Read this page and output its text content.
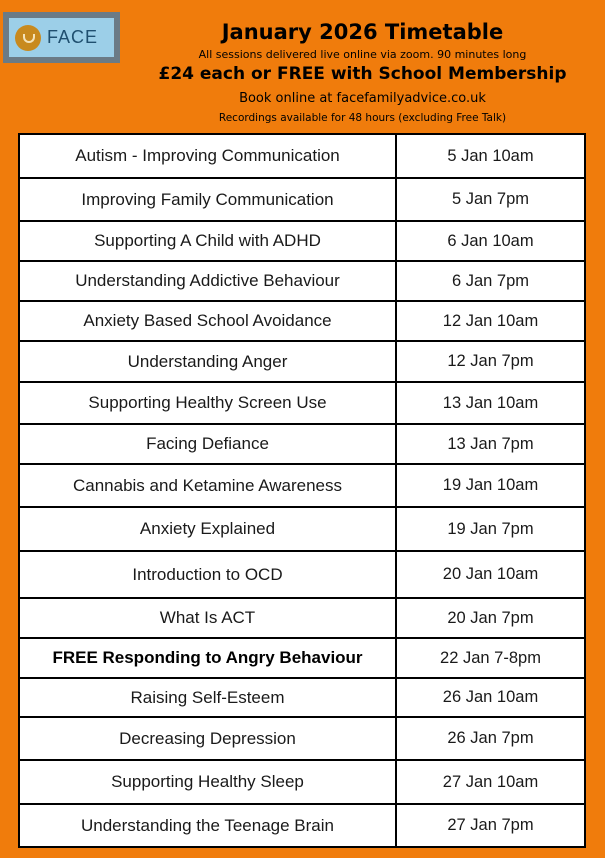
FACE	January 2026 Timetable
All sessions delivered live online via zoom. 90 minutes long
£24 each or FREE with School Membership
Book online at facefamilyadvice.co.uk
Recordings available for 48 hours (excluding Free Talk)
Autism - Improving Communication	5 Jan 10am
Improving Family Communication	5 Jan 7pm
Supporting A Child with ADHD	6 Jan 10am
Understanding Addictive Behaviour	6 Jan 7pm
Anxiety Based School Avoidance	12 Jan 10am
Understanding Anger	12 Jan 7pm
Supporting Healthy Screen Use	13 Jan 10am
Facing Defiance	13 Jan 7pm
Cannabis and Ketamine Awareness	19 Jan 10am
Anxiety Explained	19 Jan 7pm
Introduction to OCD	20 Jan 10am
What Is ACT	20 Jan 7pm
FREE Responding to Angry Behaviour	22 Jan 7-8pm
Raising Self-Esteem	26 Jan 10am
Decreasing Depression	26 Jan 7pm
Supporting Healthy Sleep	27 Jan 10am
Understanding the Teenage Brain	27 Jan 7pm
